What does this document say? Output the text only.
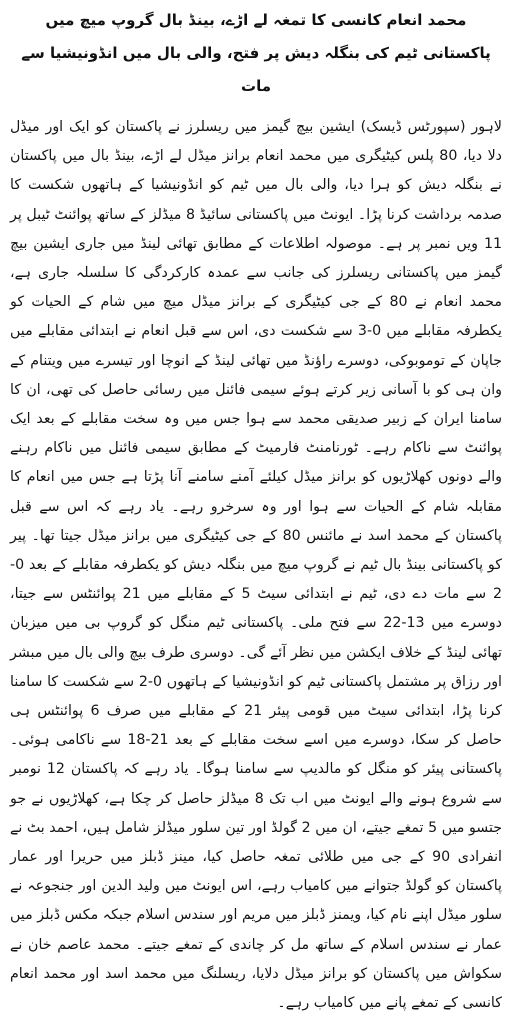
محمد انعام کانسی کا تمغہ لے اڑے، بینڈ بال گروپ میچ میں پاکستانی ٹیم کی بنگلہ دیش پر فتح، والی بال میں انڈونیشیا سے مات

لاہور (سپورٹس ڈیسک) ایشین بیچ گیمز میں ریسلرز نے پاکستان کو ایک اور میڈل دلا دیا، 80 پلس کیٹیگری میں محمد انعام برانز میڈل لے اڑے، بینڈ بال میں پاکستان نے بنگلہ دیش کو ہرا دیا، والی بال میں ٹیم کو انڈونیشیا کے ہاتھوں شکست کا صدمہ برداشت کرنا پڑا۔ ایونٹ میں پاکستانی سائیڈ 8 میڈلز کے ساتھ پوائنٹ ٹیبل پر 11 ویں نمبر پر ہے۔ موصولہ اطلاعات کے مطابق تھائی لینڈ میں جاری ایشین بیچ گیمز میں پاکستانی ریسلرز کی جانب سے عمدہ کارکردگی کا سلسلہ جاری ہے، محمد انعام نے 80 کے جی کیٹیگری کے برانز میڈل میچ میں شام کے الحیات کو یکطرفہ مقابلے میں 0-3 سے شکست دی، اس سے قبل انعام نے ابتدائی مقابلے میں جاپان کے توموبوکی، دوسرے راؤنڈ میں تھائی لینڈ کے انوچا اور تیسرے میں ویتنام کے وان ہی کو با آسانی زیر کرتے ہوئے سیمی فائنل میں رسائی حاصل کی تھی، ان کا سامنا ایران کے زبیر صدیقی محمد سے ہوا جس میں وہ سخت مقابلے کے بعد ایک پوائنٹ سے ناکام رہے۔ ٹورنامنٹ فارمیٹ کے مطابق سیمی فائنل میں ناکام رہنے والے دونوں کھلاڑیوں کو برانز میڈل کیلئے آمنے سامنے آنا پڑتا ہے جس میں انعام کا مقابلہ شام کے الحیات سے ہوا اور وہ سرخرو رہے۔ یاد رہے کہ اس سے قبل پاکستان کے محمد اسد نے مائنس 80 کے جی کیٹیگری میں برانز میڈل جیتا تھا۔ پیر کو پاکستانی بینڈ بال ٹیم نے گروپ میچ میں بنگلہ دیش کو یکطرفہ مقابلے کے بعد 0-2 سے مات دے دی، ٹیم نے ابتدائی سیٹ 5 کے مقابلے میں 21 پوائنٹس سے جیتا، دوسرے میں 13-22 سے فتح ملی۔ پاکستانی ٹیم منگل کو گروپ بی میں میزبان تھائی لینڈ کے خلاف ایکشن میں نظر آئے گی۔ دوسری طرف بیچ والی بال میں مبشر اور رزاق پر مشتمل پاکستانی ٹیم کو انڈونیشیا کے ہاتھوں 0-2 سے شکست کا سامنا کرنا پڑا، ابتدائی سیٹ میں قومی پیئر 21 کے مقابلے میں صرف 6 پوائنٹس ہی حاصل کر سکا، دوسرے میں اسے سخت مقابلے کے بعد 21-18 سے ناکامی ہوئی۔ پاکستانی پیئر کو منگل کو مالدیپ سے سامنا ہوگا۔ یاد رہے کہ پاکستان 12 نومبر سے شروع ہونے والے ایونٹ میں اب تک 8 میڈلز حاصل کر چکا ہے، کھلاڑیوں نے جو جتسو میں 5 تمغے جیتے، ان میں 2 گولڈ اور تین سلور میڈلز شامل ہیں، احمد بٹ نے انفرادی 90 کے جی میں طلائی تمغہ حاصل کیا، مینز ڈبلز میں حریرا اور عمار پاکستان کو گولڈ جتوانے میں کامیاب رہے، اس ایونٹ میں ولید الدین اور جنجوعہ نے سلور میڈل اپنے نام کیا، ویمنز ڈبلز میں مریم اور سندس اسلام جبکہ مکس ڈبلز میں عمار نے سندس اسلام کے ساتھ مل کر چاندی کے تمغے جیتے۔ محمد عاصم خان نے سکواش میں پاکستان کو برانز میڈل دلایا، ریسلنگ میں محمد اسد اور محمد انعام کانسی کے تمغے پانے میں کامیاب رہے۔
